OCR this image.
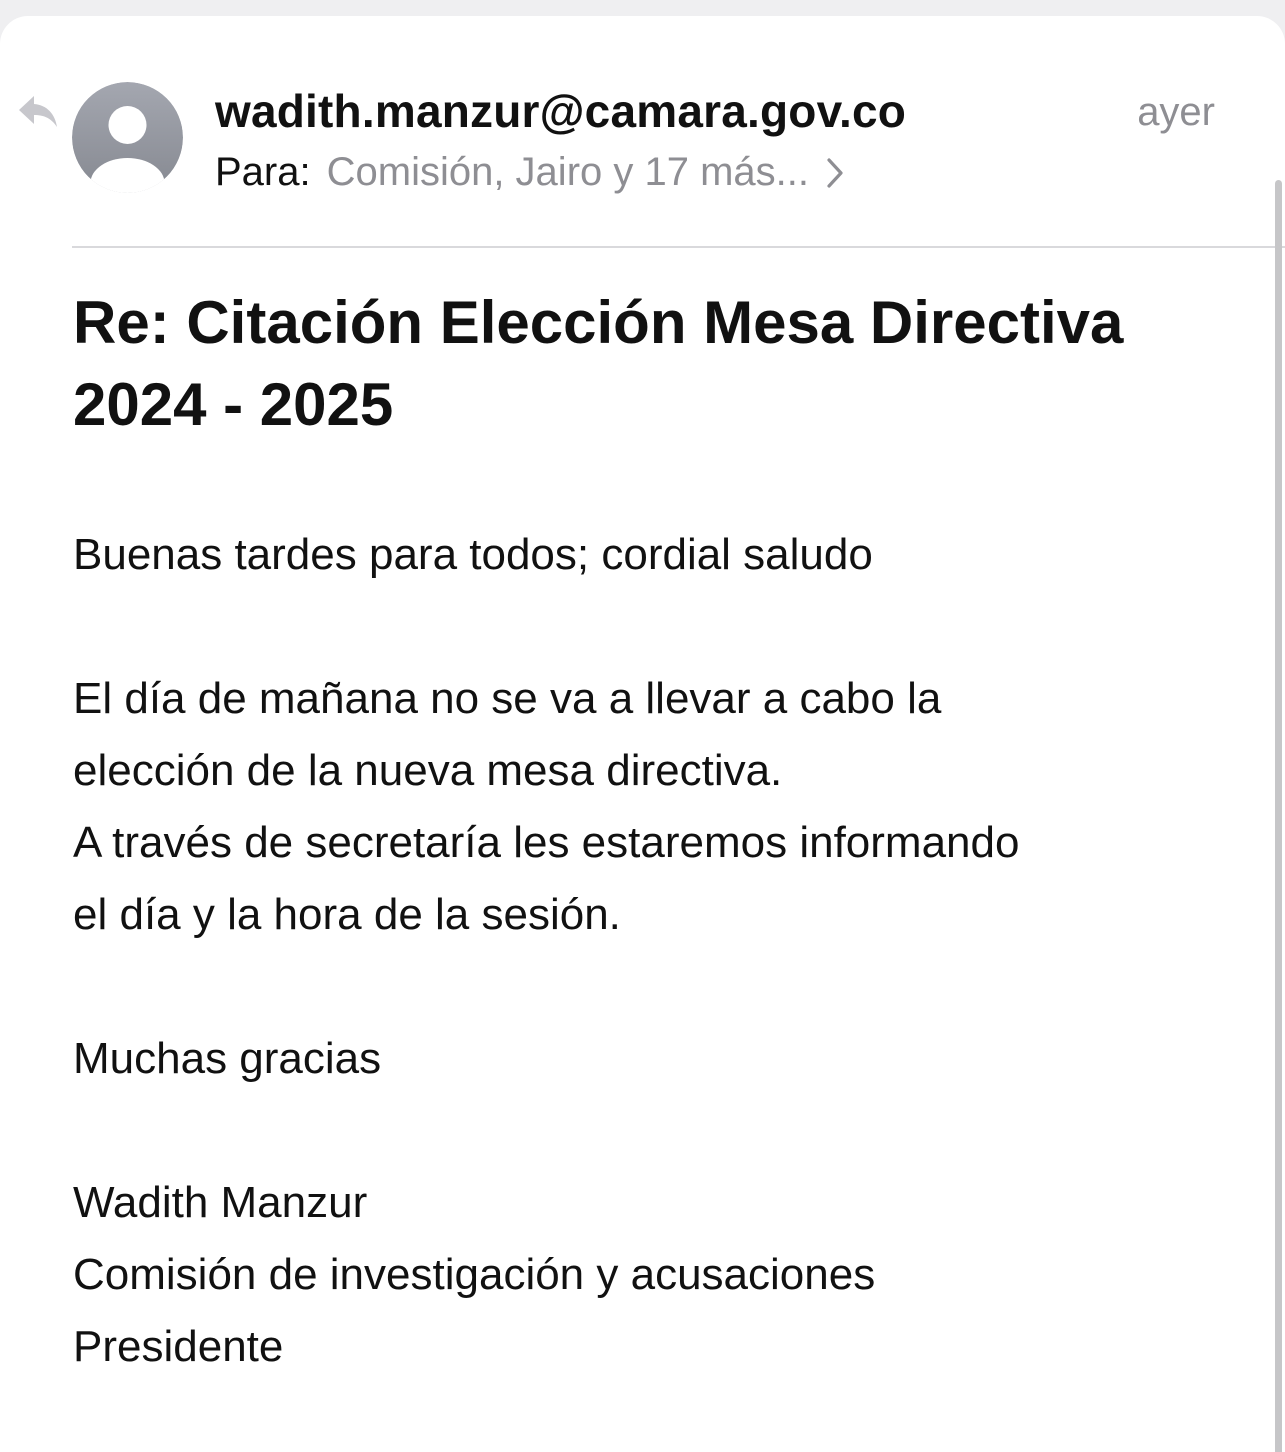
wadith.manzur@camara.gov.co	ayer
Para: Comisión, Jairo y 17 más...
Re: Citación Elección Mesa Directiva 2024 - 2025

Buenas tardes para todos; cordial saludo

El día de mañana no se va a llevar a cabo la

elección de la nueva mesa directiva.

A través de secretaría les estaremos informando

el día y la hora de la sesión.

Muchas gracias

Wadith Manzur

Comisión de investigación y acusaciones

Presidente
